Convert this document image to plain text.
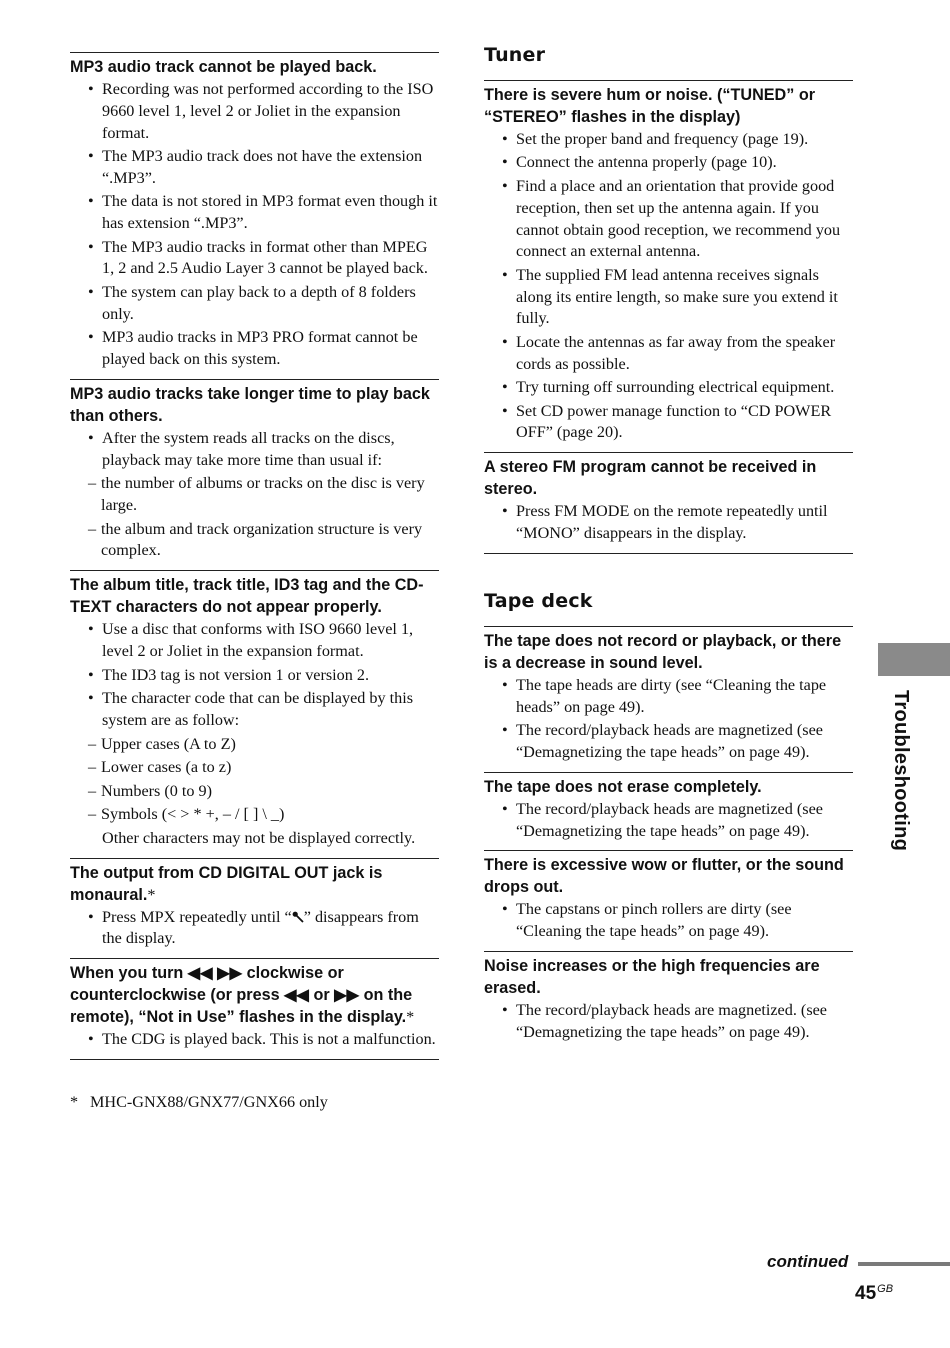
MP3 audio track cannot be played back.
• Recording was not performed according to the ISO 9660 level 1, level 2 or Joliet in the expansion format.
• The MP3 audio track does not have the extension “.MP3”.
• The data is not stored in MP3 format even though it has extension “.MP3”.
• The MP3 audio tracks in format other than MPEG 1, 2 and 2.5 Audio Layer 3 cannot be played back.
• The system can play back to a depth of 8 folders only.
• MP3 audio tracks in MP3 PRO format cannot be played back on this system.
MP3 audio tracks take longer time to play back than others.
• After the system reads all tracks on the discs, playback may take more time than usual if:
– the number of albums or tracks on the disc is very large.
– the album and track organization structure is very complex.
The album title, track title, ID3 tag and the CD-TEXT characters do not appear properly.
• Use a disc that conforms with ISO 9660 level 1, level 2 or Joliet in the expansion format.
• The ID3 tag is not version 1 or version 2.
• The character code that can be displayed by this system are as follow:
– Upper cases (A to Z)
– Lower cases (a to z)
– Numbers (0 to 9)
– Symbols (< > * +, – / [ ] \ _)
Other characters may not be displayed correctly.
The output from CD DIGITAL OUT jack is monaural.*
• Press MPX repeatedly until “ ” disappears from the display.
When you turn ◀◀ ▶▶ clockwise or counterclockwise (or press ◀◀ or ▶▶ on the remote), “Not in Use” flashes in the display.*
• The CDG is played back. This is not a malfunction.
Tuner
There is severe hum or noise. (“TUNED” or “STEREO” flashes in the display)
• Set the proper band and frequency (page 19).
• Connect the antenna properly (page 10).
• Find a place and an orientation that provide good reception, then set up the antenna again. If you cannot obtain good reception, we recommend you connect an external antenna.
• The supplied FM lead antenna receives signals along its entire length, so make sure you extend it fully.
• Locate the antennas as far away from the speaker cords as possible.
• Try turning off surrounding electrical equipment.
• Set CD power manage function to “CD POWER OFF” (page 20).
A stereo FM program cannot be received in stereo.
• Press FM MODE on the remote repeatedly until “MONO” disappears in the display.
Tape deck
The tape does not record or playback, or there is a decrease in sound level.
• The tape heads are dirty (see “Cleaning the tape heads” on page 49).
• The record/playback heads are magnetized (see “Demagnetizing the tape heads” on page 49).
The tape does not erase completely.
• The record/playback heads are magnetized (see “Demagnetizing the tape heads” on page 49).
There is excessive wow or flutter, or the sound drops out.
• The capstans or pinch rollers are dirty (see “Cleaning the tape heads” on page 49).
Noise increases or the high frequencies are erased.
• The record/playback heads are magnetized. (see “Demagnetizing the tape heads” on page 49).
* MHC-GNX88/GNX77/GNX66 only
Troubleshooting
continued
$45^{GB}$
